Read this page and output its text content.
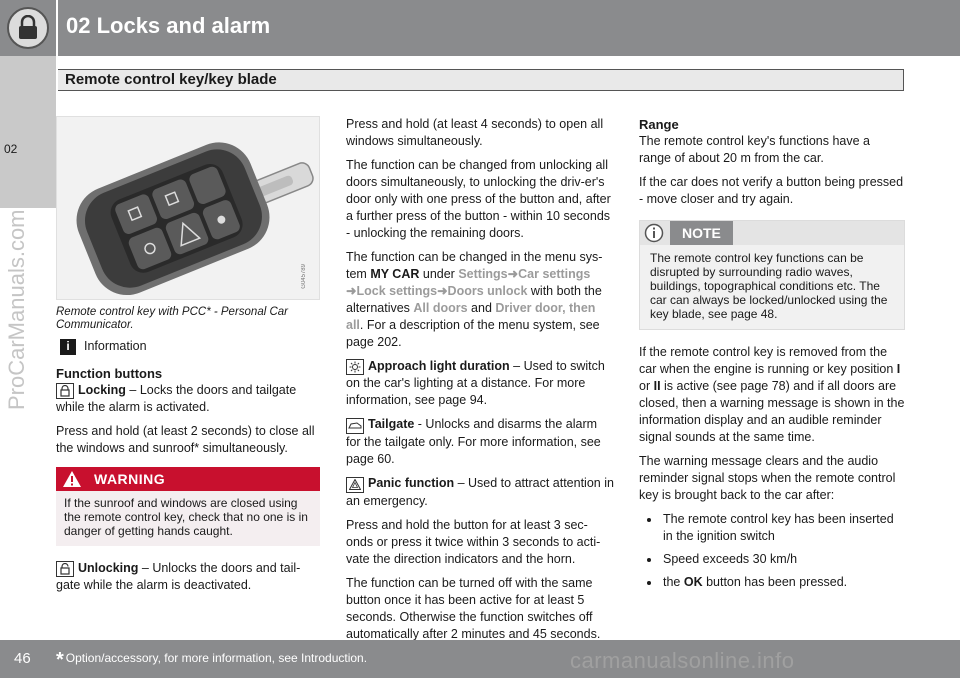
02 Locks and alarm
Remote control key/key blade
02
ProCarManuals.com	G045789
Remote control key with PCC* - Personal Car Communicator.
i	Information
Function buttons

Locking – Locks the doors and tailgate while the alarm is activated.

Press and hold (at least 2 seconds) to close all the windows and sunroof* simultaneously.

WARNING
If the sunroof and windows are closed using the remote control key, check that no one is in danger of getting hands caught.

Unlocking – Unlocks the doors and tail-gate while the alarm is deactivated.

Press and hold (at least 4 seconds) to open all windows simultaneously.

The function can be changed from unlocking all doors simultaneously, to unlocking the driv-er's door only with one press of the button and, after a further press of the button - within 10 seconds - unlocking the remaining doors.

The function can be changed in the menu sys-tem MY CAR under Settings➜Car settings
➜Lock settings➜Doors unlock with both the alternatives All doors and Driver door, then all. For a description of the menu system, see page 202.

Approach light duration – Used to switch on the car's lighting at a distance. For more information, see page 94.

Tailgate - Unlocks and disarms the alarm for the tailgate only. For more information, see page 60.

Panic function – Used to attract attention in an emergency.

Press and hold the button for at least 3 sec-onds or press it twice within 3 seconds to acti-vate the direction indicators and the horn.

The function can be turned off with the same button once it has been active for at least 5 seconds. Otherwise the function switches off automatically after 2 minutes and 45 seconds.

Range

The remote control key's functions have a range of about 20 m from the car.

If the car does not verify a button being pressed - move closer and try again.

NOTE
The remote control key functions can be disrupted by surrounding radio waves, buildings, topographical conditions etc. The car can always be locked/unlocked using the key blade, see page 48.

If the remote control key is removed from the car when the engine is running or key position I or II is active (see page 78) and if all doors are closed, then a warning message is shown in the information display and an audible reminder signal sounds at the same time.

The warning message clears and the audio reminder signal stops when the remote control key is brought back to the car after:

• The remote control key has been inserted in the ignition switch
• Speed exceeds 30 km/h
• the OK button has been pressed.
46 * Option/accessory, for more information, see Introduction.	carmanualsonline.info
